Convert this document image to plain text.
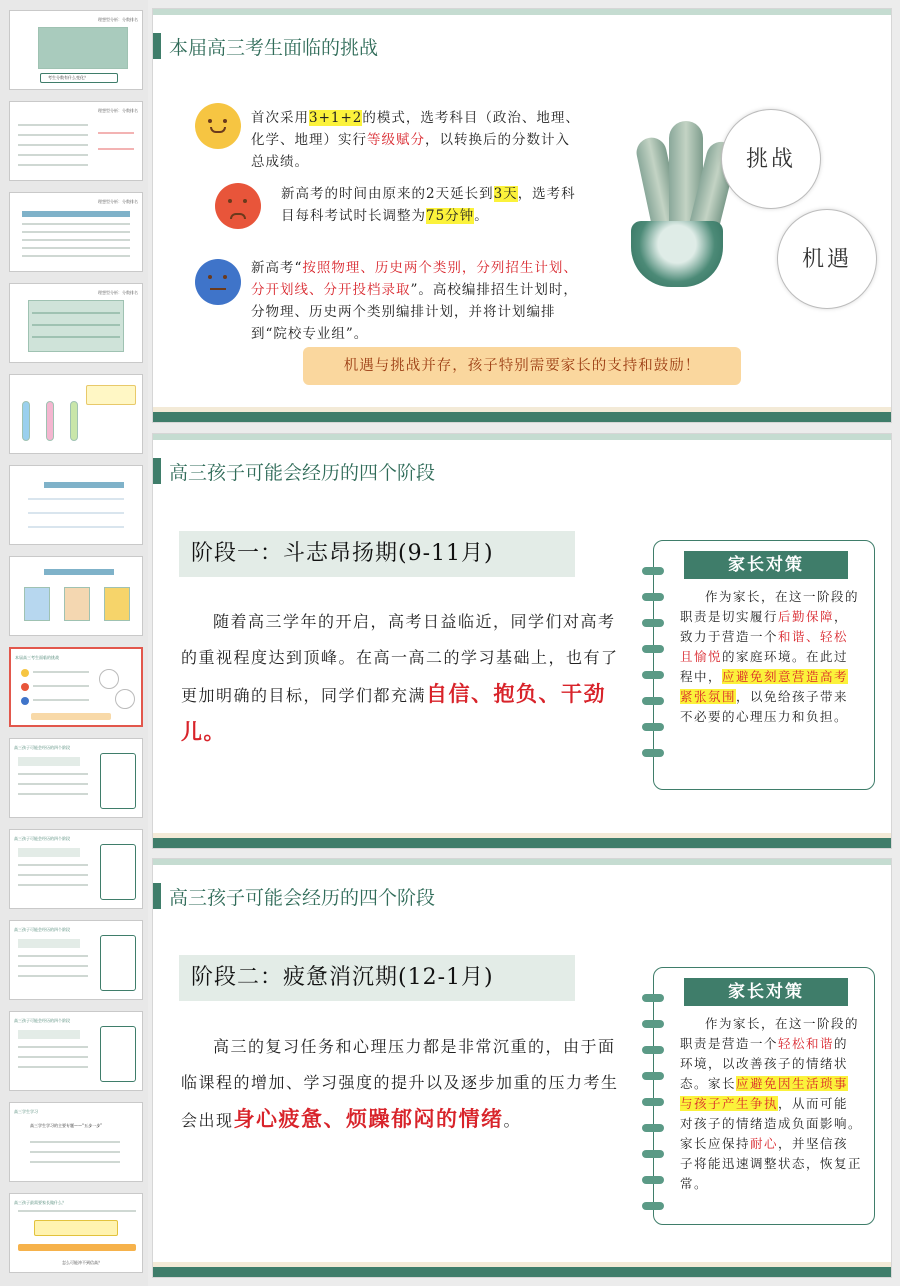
理想型分析：分数排名
考生分数有什么变化？
理想型分析：分数排名
理想型分析：分数排名
理想型分析：分数排名
本届高三考生面临的挑战
高三孩子可能会经历的四个阶段
高三孩子可能会经历的四个阶段
高三孩子可能会经历的四个阶段
高三孩子可能会经历的四个阶段
高三学生学习
高三学生学习的主要专题——“五步一步”
高三孩子最需要家长做什么？
怎么可能冲不到信高？
本届高三考生面临的挑战
首次采用3+1+2的模式，选考科目（政治、地理、化学、地理）实行等级赋分，以转换后的分数计入总成绩。
新高考的时间由原来的2天延长到3天，选考科目每科考试时长调整为75分钟。
新高考“按照物理、历史两个类别，分列招生计划、分开划线、分开投档录取”。高校编排招生计划时，分物理、历史两个类别编排计划，并将计划编排到“院校专业组”。
挑战
机遇
机遇与挑战并存，孩子特别需要家长的支持和鼓励！
高三孩子可能会经历的四个阶段
阶段一：斗志昂扬期(9-11月)
随着高三学年的开启，高考日益临近，同学们对高考的重视程度达到顶峰。在高一高二的学习基础上，也有了更加明确的目标，同学们都充满自信、抱负、干劲儿。
家长对策
作为家长，在这一阶段的职责是切实履行后勤保障，致力于营造一个和谐、轻松且愉悦的家庭环境。在此过程中，应避免刻意营造高考紧张氛围，以免给孩子带来不必要的心理压力和负担。
高三孩子可能会经历的四个阶段
阶段二：疲惫消沉期(12-1月)
高三的复习任务和心理压力都是非常沉重的，由于面临课程的增加、学习强度的提升以及逐步加重的压力考生会出现身心疲惫、烦躁郁闷的情绪。
家长对策
作为家长，在这一阶段的职责是营造一个轻松和谐的环境，以改善孩子的情绪状态。家长应避免因生活琐事与孩子产生争执，从而可能对孩子的情绪造成负面影响。家长应保持耐心，并坚信孩子将能迅速调整状态，恢复正常。
